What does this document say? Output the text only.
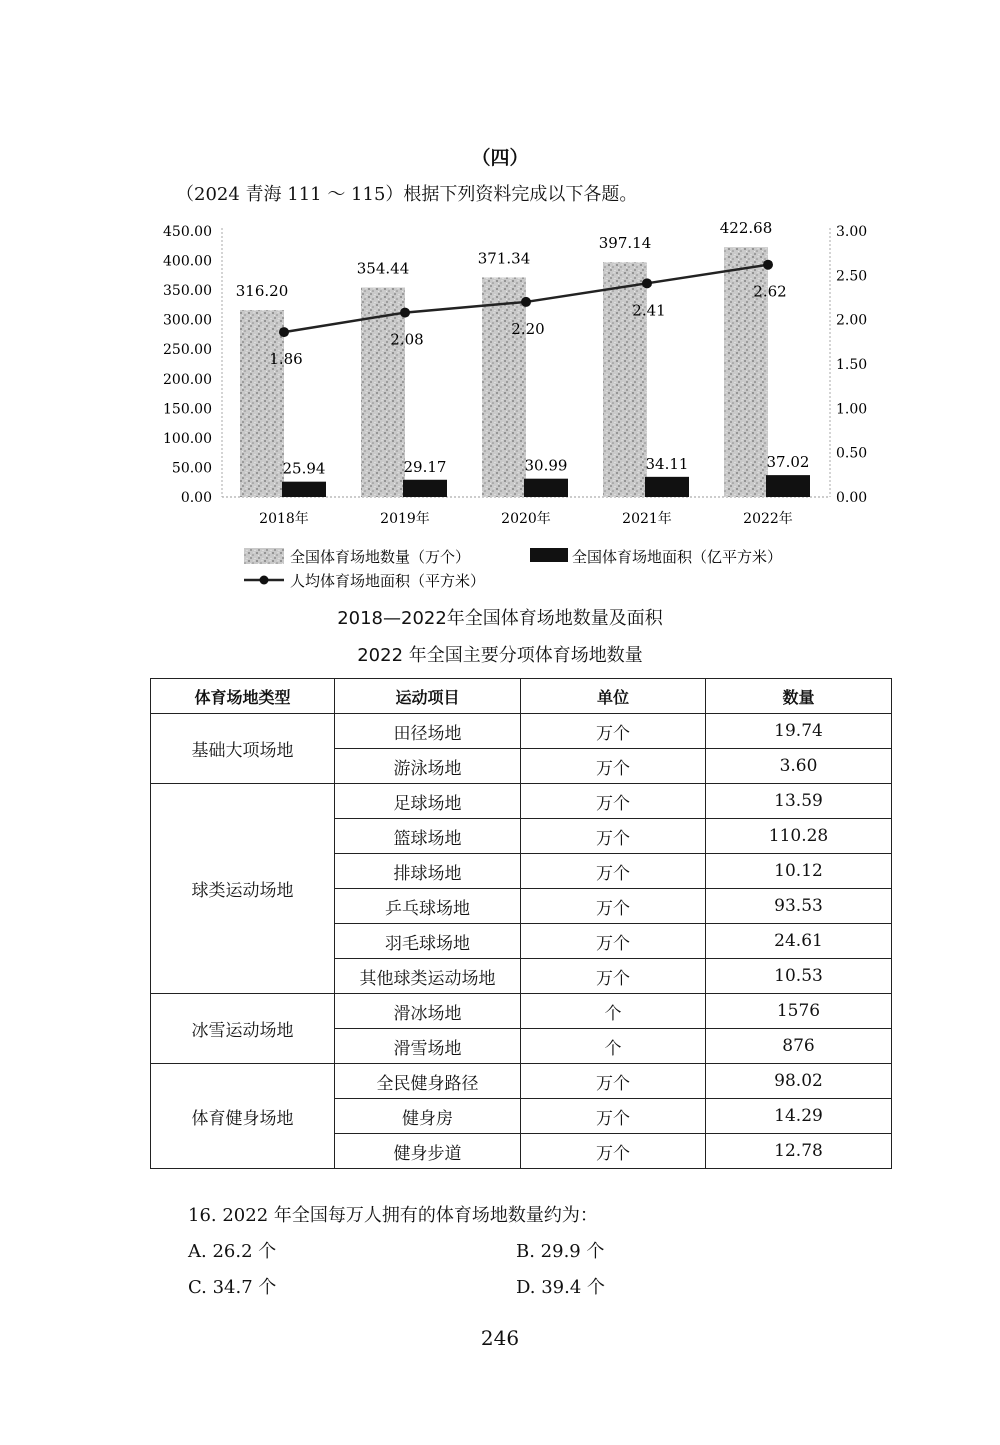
（四）
（2024 青海 111 ～ 115）根据下列资料完成以下各题。
450.00
400.00
350.00
300.00
250.00
200.00
150.00
100.00
50.00
0.00
3.00
2.50
2.00
1.50
1.00
0.50
0.00
316.20
354.44
371.34
397.14
422.68
25.94	29.17	30.99	34.11	37.02
1.86
2.08
2.20
2.41
2.62
2018年	2019年	2020年	2021年	2022年
全国体育场地数量（万个）	全国体育场地面积（亿平方米）
人均体育场地面积（平方米）
2018—2022年全国体育场地数量及面积
2022 年全国主要分项体育场地数量
体育场地类型	运动项目	单位	数量
基础大项场地	田径场地	万个	19.74
	游泳场地	万个	3.60
球类运动场地	足球场地	万个	13.59
	篮球场地	万个	110.28
	排球场地	万个	10.12
	乒乓球场地	万个	93.53
	羽毛球场地	万个	24.61
	其他球类运动场地	万个	10.53
冰雪运动场地	滑冰场地	个	1576
	滑雪场地	个	876
体育健身场地	全民健身路径	万个	98.02
	健身房	万个	14.29
	健身步道	万个	12.78
16. 2022 年全国每万人拥有的体育场地数量约为：
A. 26.2 个	B. 29.9 个
C. 34.7 个	D. 39.4 个
246
